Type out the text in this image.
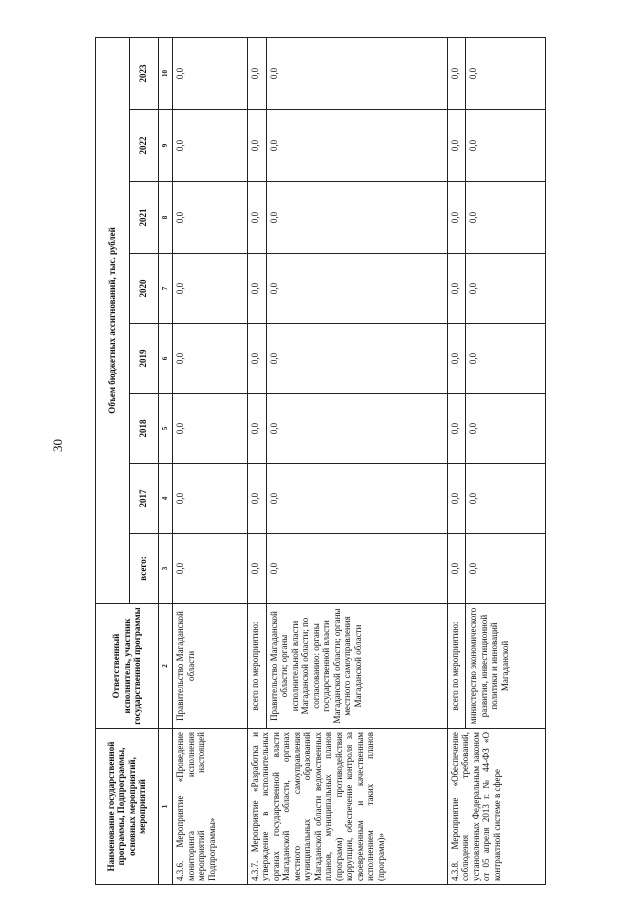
30
Наименование государственной программы, Подпрограммы, основных мероприятий, мероприятий	Ответственный исполнитель, участник государственной программы	Объем бюджетных ассигнований, тыс. рублей							
		всего:	2017	2018	2019	2020	2021	2022	2023
1	2	3	4	5	6	7	8	9	10
4.3.6. Мероприятие «Проведение мониторинга исполнения мероприятий настоящей Подпрограммы»	Правительство Магаданской области	0,0	0,0	0,0	0,0	0,0	0,0	0,0	0,0
4.3.7. Мероприятие «Разработка и утверждение в исполнительных органах государственной власти Магаданской области, органах местного самоуправления муниципальных образований Магаданской области ведомственных планов, муниципальных планов (программ) противодействия коррупции, обеспечение контроля за своевременным и качественным исполнением таких планов (программ)»	всего по мероприятию:	0,0	0,0	0,0	0,0	0,0	0,0	0,0	0,0
	Правительство Магаданской области; органы исполнительной власти Магаданской области; по согласованию: органы государственной власти Магаданской области; органы местного самоуправления Магаданской области	0,0	0,0	0,0	0,0	0,0	0,0	0,0	0,0
4.3.8. Мероприятие «Обеспечение соблюдения требований, установленных Федеральным законом от 05 апреля 2013 г. № 44-ФЗ «О контрактной системе в сфере	всего по мероприятию:	0,0	0,0	0,0	0,0	0,0	0,0	0,0	0,0
	министерство экономического развития, инвестиционной политики и инноваций Магаданской	0,0	0,0	0,0	0,0	0,0	0,0	0,0	0,0
